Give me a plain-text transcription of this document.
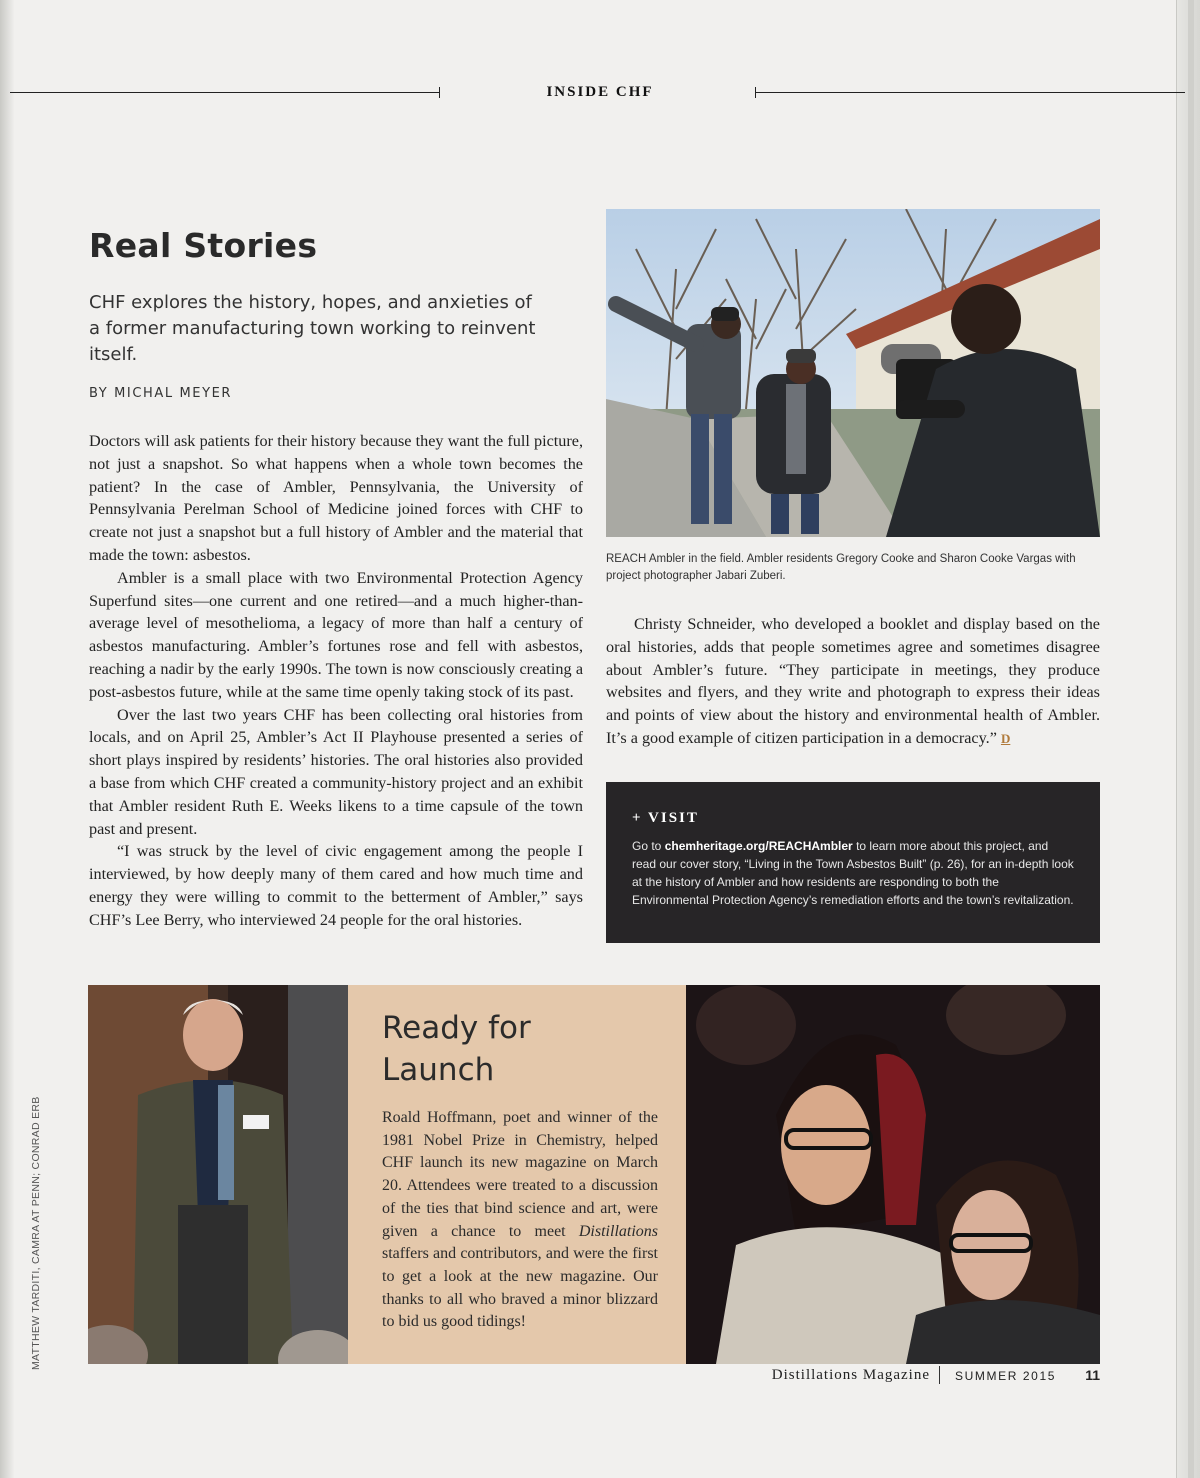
INSIDE CHF
Real Stories
CHF explores the history, hopes, and anxieties of a former manufacturing town working to reinvent itself.
BY MICHAL MEYER

Doctors will ask patients for their history because they want the full picture, not just a snapshot. So what happens when a whole town becomes the patient? In the case of Ambler, Pennsylvania, the University of Pennsylvania Perelman School of Medicine joined forces with CHF to create not just a snapshot but a full history of Ambler and the material that made the town: asbestos.

Ambler is a small place with two Environmental Protection Agency Superfund sites—one current and one retired—and a much higher-than-average level of mesothelioma, a legacy of more than half a century of asbestos manufacturing. Ambler’s fortunes rose and fell with asbestos, reaching a nadir by the early 1990s. The town is now consciously creating a post-asbestos future, while at the same time openly taking stock of its past.

Over the last two years CHF has been collecting oral histories from locals, and on April 25, Ambler’s Act II Playhouse presented a series of short plays inspired by residents’ histories. The oral histories also provided a base from which CHF created a community-history project and an exhibit that Ambler resident Ruth E. Weeks likens to a time capsule of the town past and present.

“I was struck by the level of civic engagement among the people I interviewed, by how deeply many of them cared and how much time and energy they were willing to commit to the betterment of Ambler,” says CHF’s Lee Berry, who interviewed 24 people for the oral histories.

REACH Ambler in the field. Ambler residents Gregory Cooke and Sharon Cooke Vargas with project photographer Jabari Zuberi.

Christy Schneider, who developed a booklet and display based on the oral histories, adds that people sometimes agree and sometimes disagree about Ambler’s future. “They participate in meetings, they produce websites and flyers, and they write and photograph to express their ideas and points of view about the history and environmental health of Ambler. It’s a good example of citizen participation in a democracy.” D

+ VISIT
Go to chemheritage.org/REACHAmbler to learn more about this project, and read our cover story, “Living in the Town Asbestos Built” (p. 26), for an in-depth look at the history of Ambler and how residents are responding to both the Environmental Protection Agency’s remediation efforts and the town’s revitalization.
Ready for
Launch

Roald Hoffmann, poet and winner of the 1981 Nobel Prize in Chemistry, helped CHF launch its new magazine on March 20. Attendees were treated to a discussion of the ties that bind science and art, were given a chance to meet Distillations staffers and contributors, and were the first to get a look at the new magazine. Our thanks to all who braved a minor blizzard to bid us good tidings!

MATTHEW TARDITI, CAMRA AT PENN; CONRAD ERB
Distillations Magazine SUMMER 2015 11
